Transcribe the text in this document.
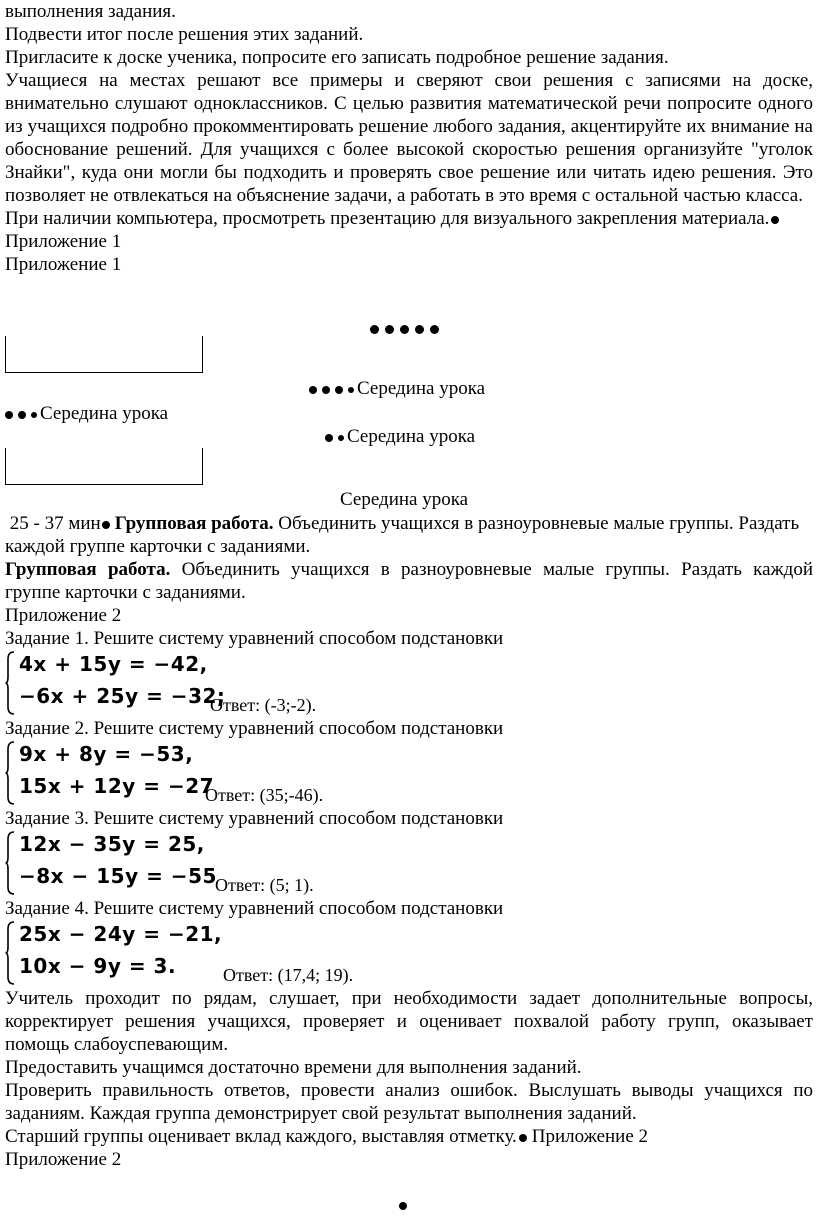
выполнения задания.

Подвести итог после решения этих заданий.

Пригласите к доске ученика, попросите его записать подробное решение задания.

Учащиеся на местах решают все примеры и сверяют свои решения с записями на доске, внимательно слушают одноклассников. С целью развития математической речи попросите одного из учащихся подробно прокомментировать решение любого задания, акцентируйте их внимание на обоснование решений. Для учащихся с более высокой скоростью решения организуйте "уголок Знайки", куда они могли бы подходить и проверять свое решение или читать идею решения. Это позволяет не отвлекаться на объяснение задачи, а работать в это время с остальной частью класса.

При наличии компьютера, просмотреть презентацию для визуального закрепления материала.Приложение 1

Приложение 1

Середина урока
Середина урока
Середина урока
Середина урока

25 - 37 мин Групповая работа. Объединить учащихся в разноуровневые малые группы. Раздать каждой группе карточки с заданиями.

Групповая работа. Объединить учащихся в разноуровневые малые группы. Раздать каждой группе карточки с заданиями.

Приложение 2

Задание 1. Решите систему уравнений способом подстановки

4x + 15y = −42,
−6x + 25y = −32;
Ответ: (-3;-2).

Задание 2. Решите систему уравнений способом подстановки

9x + 8y = −53,
15x + 12y = −27
Ответ: (35;-46).

Задание 3. Решите систему уравнений способом подстановки

12x − 35y = 25,
−8x − 15y = −55
Ответ: (5; 1).

Задание 4. Решите систему уравнений способом подстановки

25x − 24y = −21,
10x − 9y = 3.	Ответ: (17,4; 19).

Учитель проходит по рядам, слушает, при необходимости задает дополнительные вопросы, корректирует решения учащихся, проверяет и оценивает похвалой работу групп, оказывает помощь слабоуспевающим.

Предоставить учащимся достаточно времени для выполнения заданий.

Проверить правильность ответов, провести анализ ошибок. Выслушать выводы учащихся по заданиям. Каждая группа демонстрирует свой результат выполнения заданий.

Старший группы оценивает вклад каждого, выставляя отметку. Приложение 2

Приложение 2
